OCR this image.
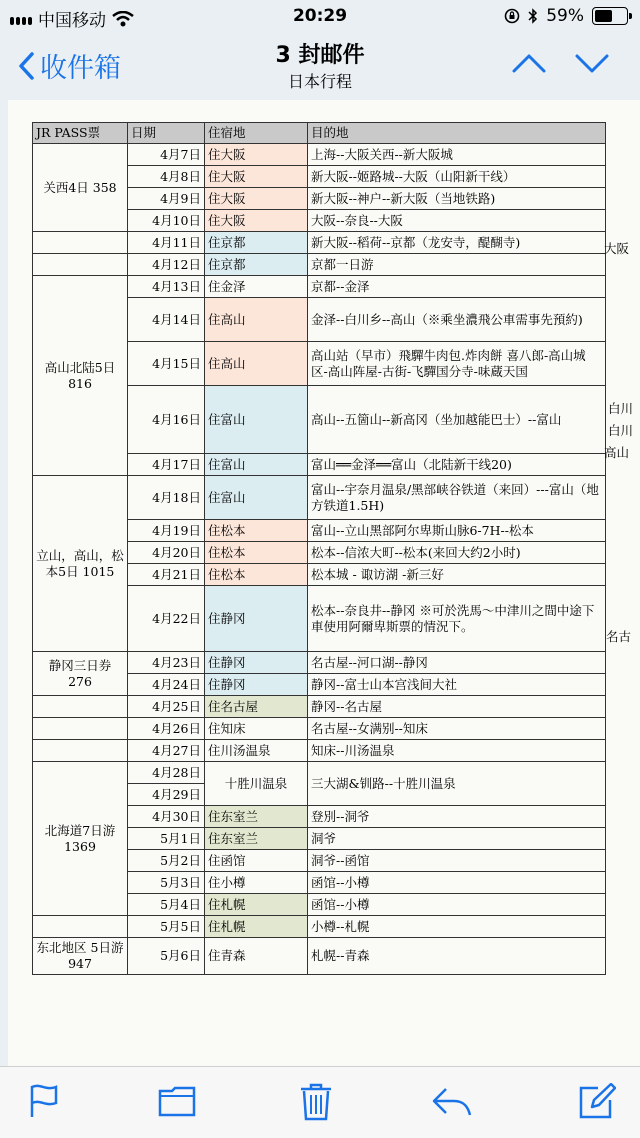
中国移动	20:29	59%
收件箱	3 封邮件
日本行程
JR PASS票	日期	住宿地	目的地
关西4日 358	4月7日	住大阪	上海--大阪关西--新大阪城
	4月8日	住大阪	新大阪--姬路城--大阪（山阳新干线）
	4月9日	住大阪	新大阪--神户--新大阪（当地铁路)
	4月10日	住大阪	大阪--奈良--大阪
	4月11日	住京都	新大阪--稻荷--京都（龙安寺，醍醐寺)
	4月12日	住京都	京都一日游
高山北陆5日 816	4月13日	住金泽	京都--金泽
	4月14日	住高山	金泽--白川乡--高山（※乘坐濃飛公車需事先預約)
	4月15日	住高山	高山站（早市）飛驒牛肉包.炸肉餅 喜八郎-高山城区-高山阵屋-古街-飞驒国分寺-味蔵天国
	4月16日	住富山	高山--五箇山--新高冈（坐加越能巴士）--富山
	4月17日	住富山	富山══金泽══富山（北陆新干线20)
立山，高山，松本5日 1015	4月18日	住富山	富山--宇奈月温泉/黑部峡谷铁道（来回）---富山（地方铁道1.5H)
	4月19日	住松本	富山--立山黑部阿尔卑斯山脉6-7H--松本
	4月20日	住松本	松本--信浓大町--松本(来回大约2小时)
	4月21日	住松本	松本城 - 诹访湖 -新三好
	4月22日	住静冈	松本--奈良井--静冈 ※可於洗馬～中津川之間中途下車使用阿爾卑斯票的情況下。
静冈三日券 276	4月23日	住静冈	名古屋--河口湖--静冈
	4月24日	住静冈	静冈--富士山本宫浅间大社
	4月25日	住名古屋	静冈--名古屋
	4月26日	住知床	名古屋--女满别--知床
	4月27日	住川汤温泉	知床--川汤温泉
北海道7日游 1369	4月28日	十胜川温泉	三大湖&钏路--十胜川温泉
	4月29日		
	4月30日	住东室兰	登別--洞爷
	5月1日	住东室兰	洞爷
	5月2日	住函馆	洞爷--函馆
	5月3日	住小樽	函馆--小樽
	5月4日	住札幌	函馆--小樽
	5月5日	住札幌	小樽--札幌
东北地区 5日游 947	5月6日	住青森	札幌--青森
大阪
白川
白川
高山
名古
